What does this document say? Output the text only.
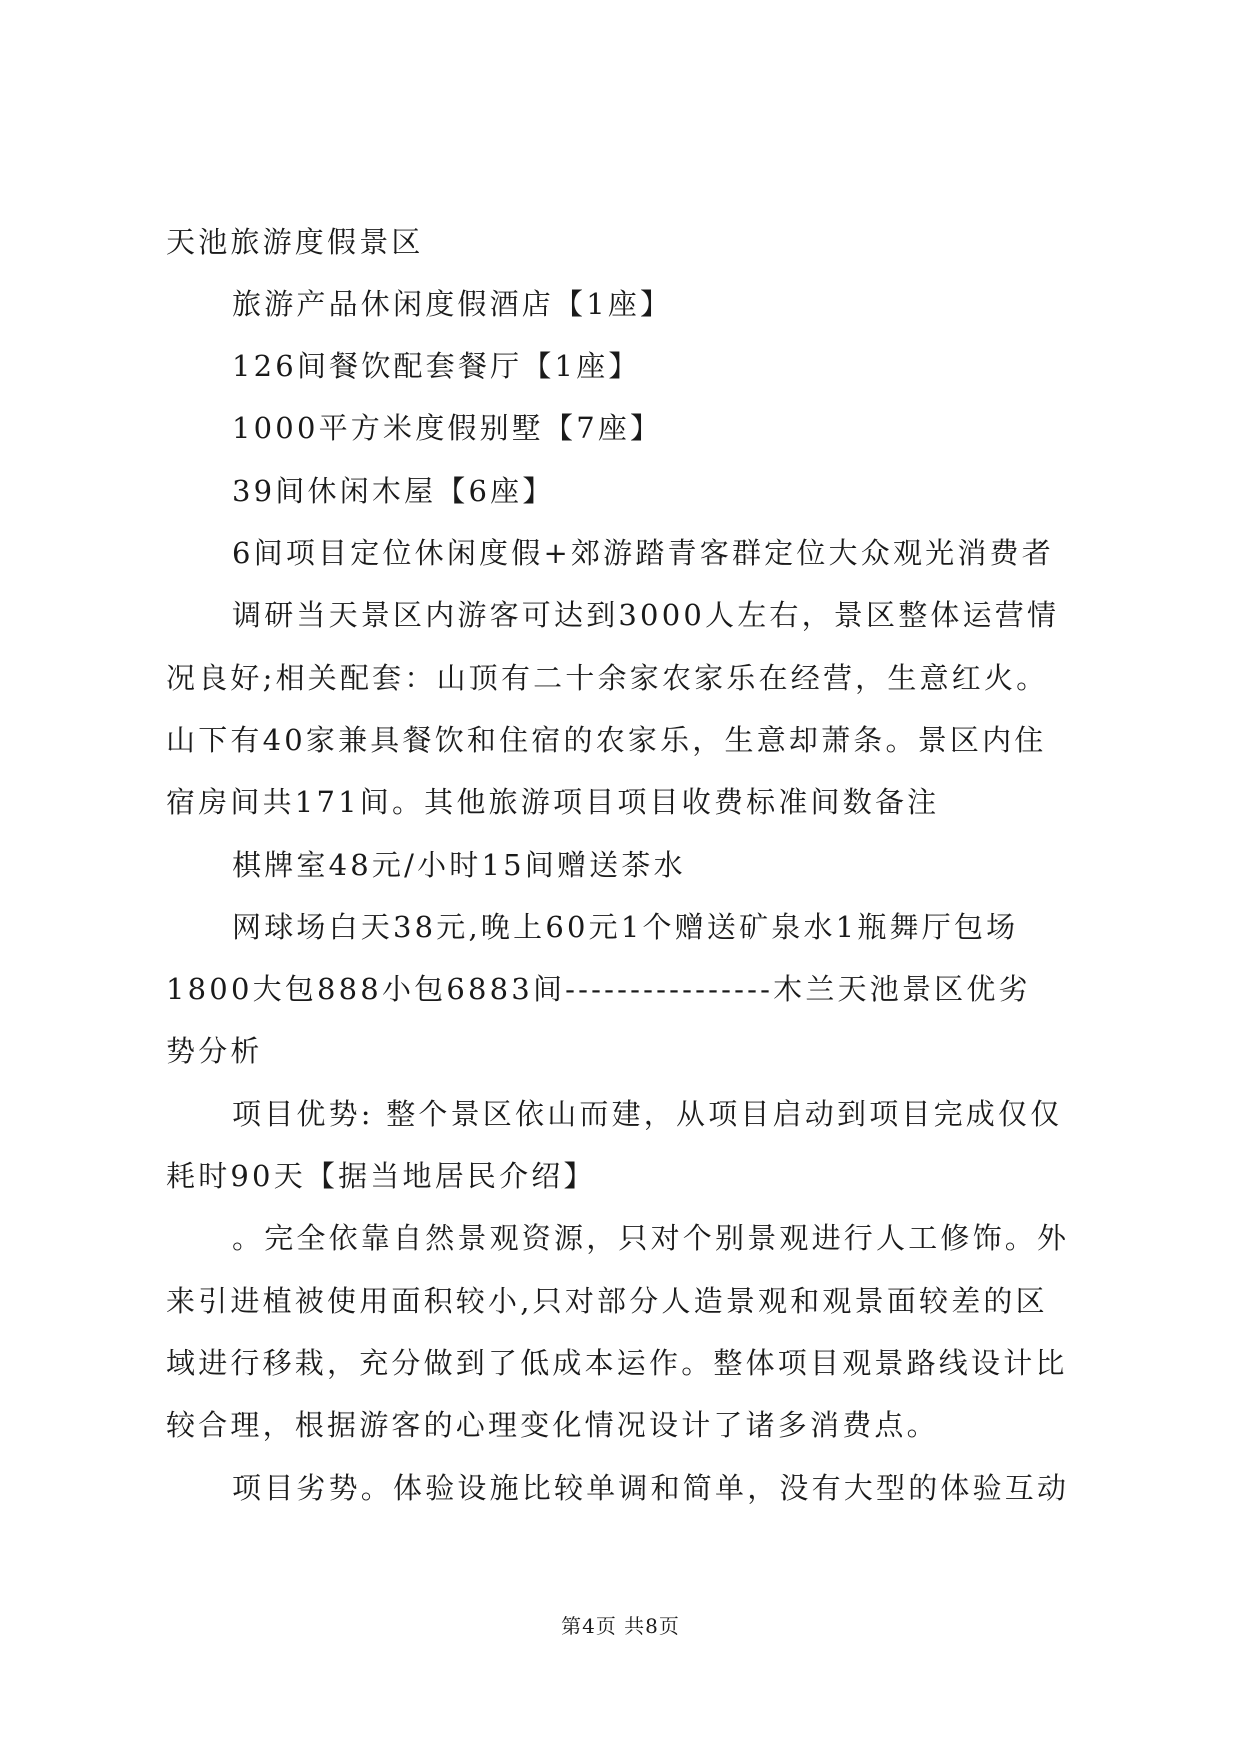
天池旅游度假景区

旅游产品休闲度假酒店【1座】

126间餐饮配套餐厅【1座】

1000平方米度假别墅【7座】

39间休闲木屋【6座】

6间项目定位休闲度假+郊游踏青客群定位大众观光消费者

调研当天景区内游客可达到3000人左右，景区整体运营情

况良好;相关配套：山顶有二十余家农家乐在经营，生意红火。

山下有40家兼具餐饮和住宿的农家乐，生意却萧条。景区内住

宿房间共171间。其他旅游项目项目收费标准间数备注

棋牌室48元/小时15间赠送茶水

网球场白天38元,晚上60元1个赠送矿泉水1瓶舞厅包场

1800大包888小包6883间----------------木兰天池景区优劣

势分析

项目优势: 整个景区依山而建，从项目启动到项目完成仅仅

耗时90天【据当地居民介绍】

。完全依靠自然景观资源，只对个别景观进行人工修饰。外

来引进植被使用面积较小,只对部分人造景观和观景面较差的区

域进行移栽，充分做到了低成本运作。整体项目观景路线设计比

较合理，根据游客的心理变化情况设计了诸多消费点。

项目劣势。体验设施比较单调和简单，没有大型的体验互动

第4页 共8页
